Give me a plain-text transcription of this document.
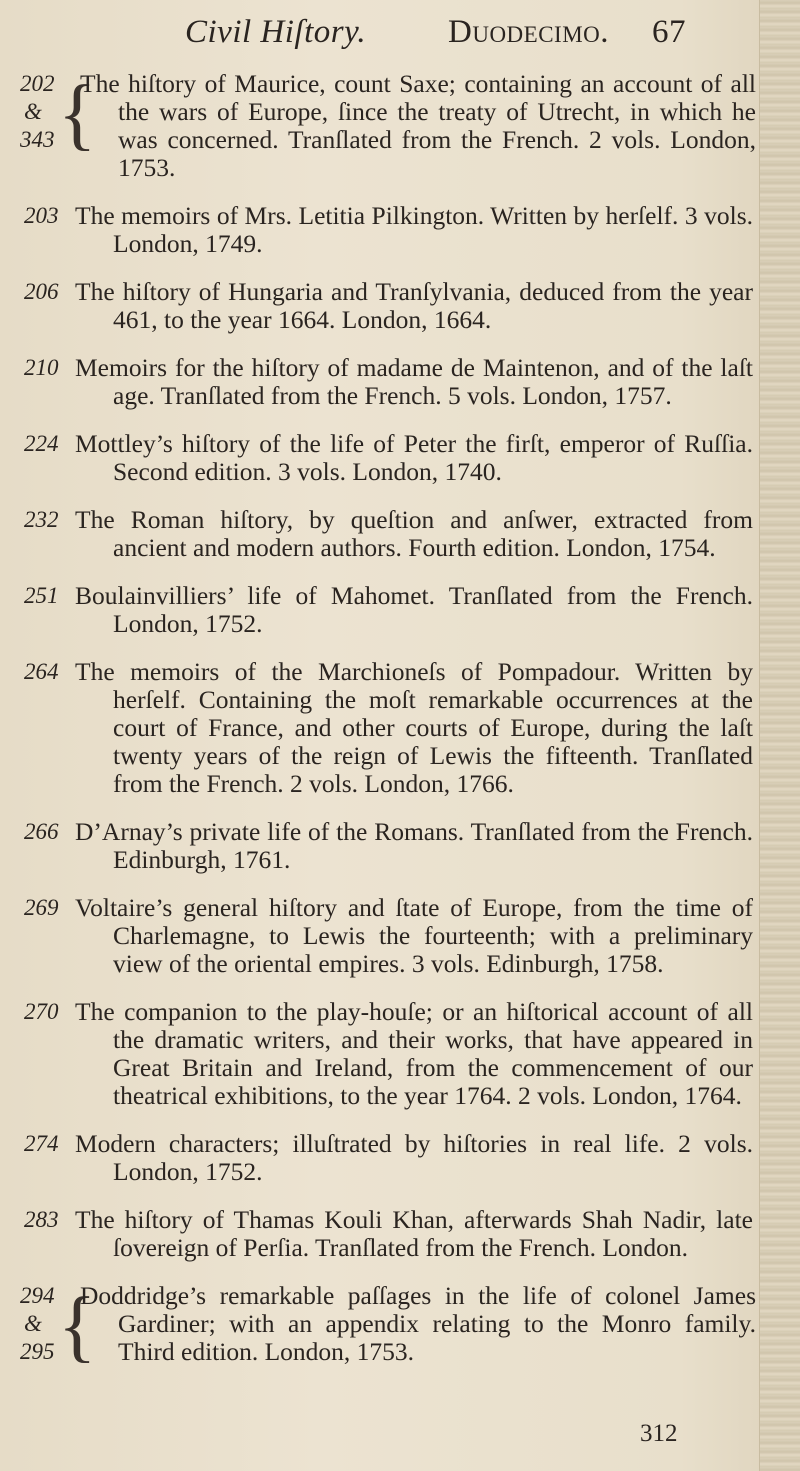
Civil Hiſtory. Duodecimo. 67
202
&
343 {
The hiſtory of Maurice, count Saxe; containing an account of all the wars of Europe, ſince the treaty of Utrecht, in which he was concerned. Tranſlated from the French. 2 vols. London, 1753.
203 The memoirs of Mrs. Letitia Pilkington. Written by herſelf. 3 vols. London, 1749.
206 The hiſtory of Hungaria and Tranſylvania, deduced from the year 461, to the year 1664. London, 1664.
210 Memoirs for the hiſtory of madame de Maintenon, and of the laſt age. Tranſlated from the French. 5 vols. London, 1757.
224 Mottley’s hiſtory of the life of Peter the firſt, emperor of Ruſſia. Second edition. 3 vols. London, 1740.
232 The Roman hiſtory, by queſtion and anſwer, extracted from ancient and modern authors. Fourth edition. London, 1754.
251 Boulainvilliers’ life of Mahomet. Tranſlated from the French. London, 1752.
264 The memoirs of the Marchioneſs of Pompadour. Written by herſelf. Containing the moſt remarkable occurrences at the court of France, and other courts of Europe, during the laſt twenty years of the reign of Lewis the fifteenth. Tranſlated from the French. 2 vols. London, 1766.
266 D’Arnay’s private life of the Romans. Tranſlated from the French. Edinburgh, 1761.
269 Voltaire’s general hiſtory and ſtate of Europe, from the time of Charlemagne, to Lewis the fourteenth; with a preliminary view of the oriental empires. 3 vols. Edinburgh, 1758.
270 The companion to the play-houſe; or an hiſtorical account of all the dramatic writers, and their works, that have appeared in Great Britain and Ireland, from the commencement of our theatrical exhibitions, to the year 1764. 2 vols. London, 1764.
274 Modern characters; illuſtrated by hiſtories in real life. 2 vols. London, 1752.
283 The hiſtory of Thamas Kouli Khan, afterwards Shah Nadir, late ſovereign of Perſia. Tranſlated from the French. London.
294
&
295 {
Doddridge’s remarkable paſſages in the life of colonel James Gardiner; with an appendix relating to the Monro family. Third edition. London, 1753.
312
